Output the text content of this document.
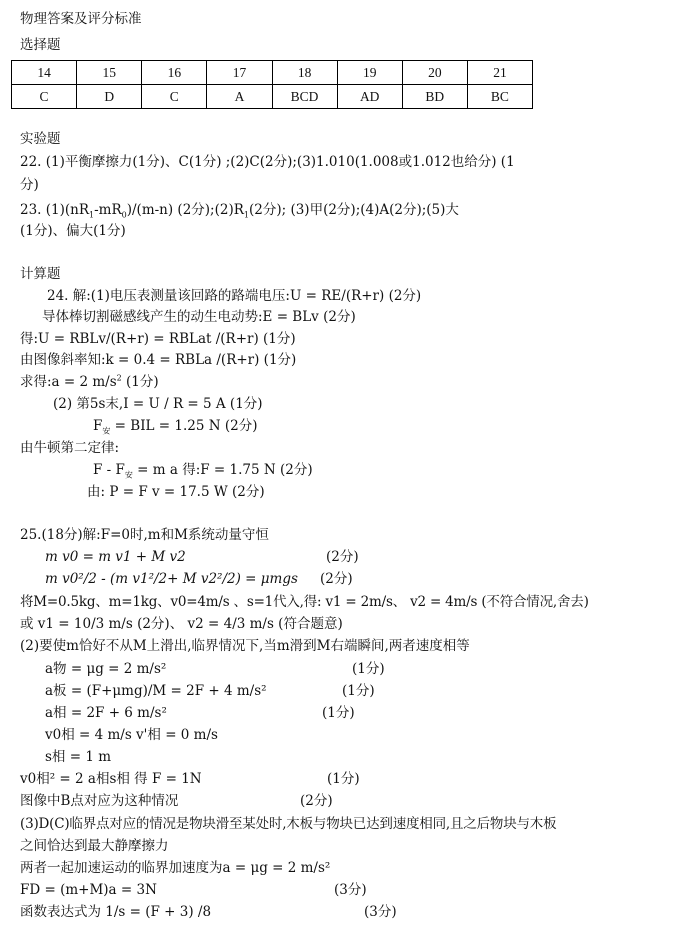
物理答案及评分标准
选择题
14	15	16	17	18	19	20	21
C	D	C	A	BCD	AD	BD	BC
实验题
22. (1)平衡摩擦力(1分)、C(1分) ;(2)C(2分);(3)1.010(1.008或1.012也给分) (1
分)
23. $(1)(nR_1-mR_0)/(m-n)$ (2分)$;(2)R_1(2$分); (3)甲(2分);(4)A(2分);(5)大
(1分)、偏大(1分)
计算题
24. 解:(1)电压表测量该回路的路端电压:U = RE/(R+r) (2分)
导体棒切割磁感线产生的动生电动势:E = BLv (2分)
得:U = RBLv/(R+r) = RBLat /(R+r) (1分)
由图像斜率知:k = 0.4 = RBLa /(R+r) (1分)
求得:a = 2 $m/s^2$ (1分)
(2) 第5s末,I = U / R = 5 A (1分)
$F_安$ = BIL = 1.25 N (2分)
由牛顿第二定律:
$F - F_安 = m$ a 得:F = 1.75 N (2分)
由: P = F v = 17.5 W (2分)
25.(18分)解:F=0时,m和M系统动量守恒
m v0 = m v1 + M v2	(2分)
m v0²/2 - (m v1²/2+ M v2²/2) = μmgs (2分)
将M=0.5kg、m=1kg、v0=4m/s 、s=1代入,得: v1 = 2m/s、 v2 = 4m/s (不符合情况,舍去)
或 v1 = 10/3 m/s (2分)、 v2 = 4/3 m/s (符合题意)
(2)要使m恰好不从M上滑出,临界情况下,当m滑到M右端瞬间,两者速度相等
a物 = μg = 2 m/s²	(1分)
a板 = (F+μmg)/M = 2F + 4 m/s²	(1分)
a相 = 2F + 6 m/s²	(1分)
v0相 = 4 m/s v'相 = 0 m/s
s相 = 1 m
v0相² = 2 a相s相 得 F = 1N	(1分)
图像中B点对应为这种情况	(2分)
(3)D(C)临界点对应的情况是物块滑至某处时,木板与物块已达到速度相同,且之后物块与木板
之间恰达到最大静摩擦力
两者一起加速运动的临界加速度为a = μg = 2 m/s²
FD = (m+M)a = 3N	(3分)
函数表达式为 1/s = (F + 3) /8	(3分)
